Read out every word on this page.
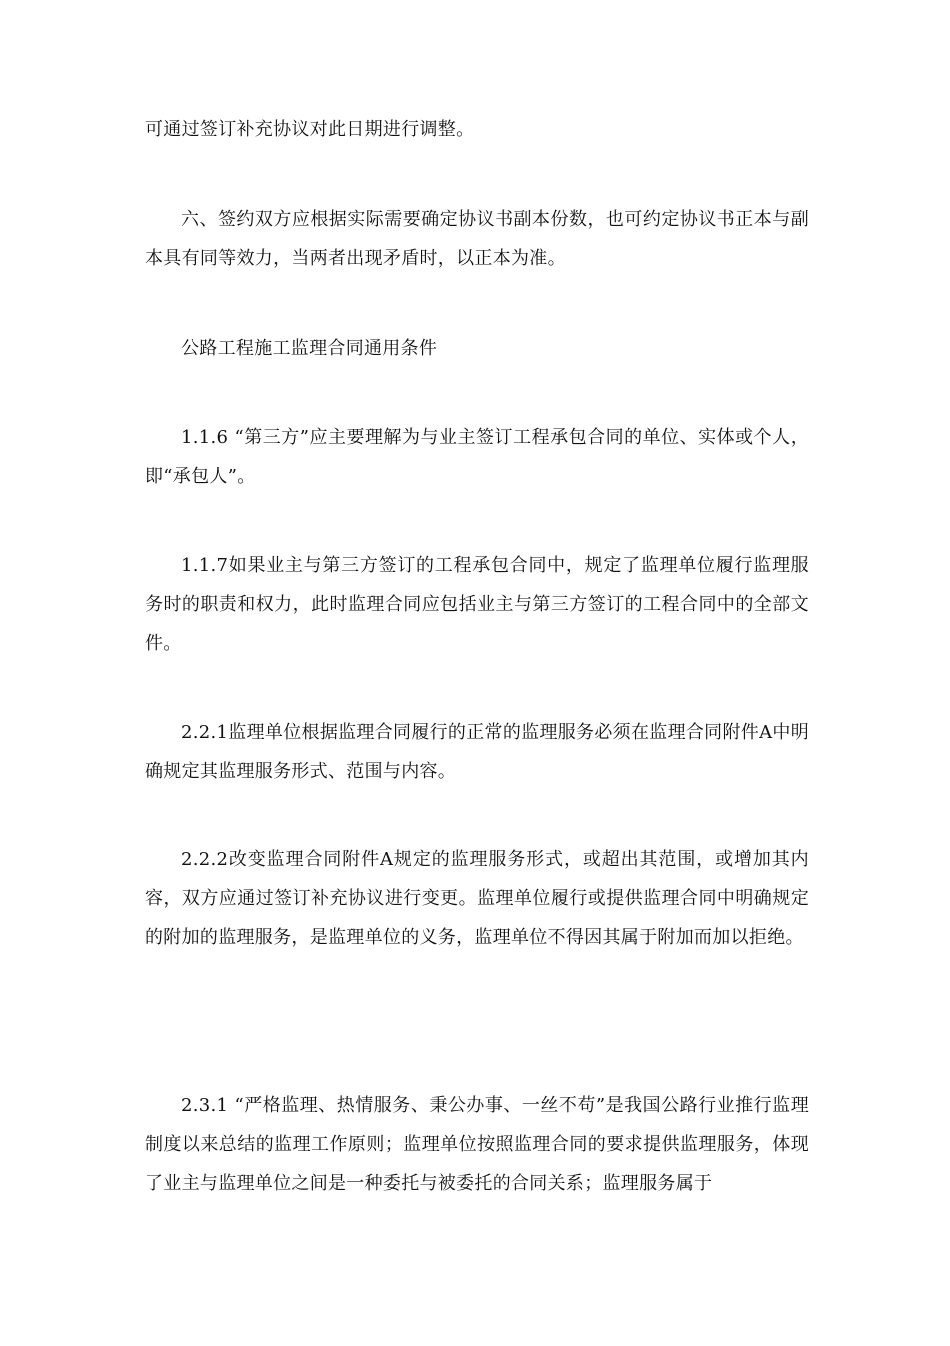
可通过签订补充协议对此日期进行调整。

六、签约双方应根据实际需要确定协议书副本份数，也可约定协议书正本与副本具有同等效力，当两者出现矛盾时，以正本为准。

公路工程施工监理合同通用条件

1.1.6 “第三方”应主要理解为与业主签订工程承包合同的单位、实体或个人，即“承包人”。

1.1.7如果业主与第三方签订的工程承包合同中，规定了监理单位履行监理服务时的职责和权力，此时监理合同应包括业主与第三方签订的工程合同中的全部文件。

2.2.1监理单位根据监理合同履行的正常的监理服务必须在监理合同附件A中明确规定其监理服务形式、范围与内容。

2.2.2改变监理合同附件A规定的监理服务形式，或超出其范围，或增加其内容，双方应通过签订补充协议进行变更。监理单位履行或提供监理合同中明确规定的附加的监理服务，是监理单位的义务，监理单位不得因其属于附加而加以拒绝。

2.3.1 “严格监理、热情服务、秉公办事、一丝不苟”是我国公路行业推行监理制度以来总结的监理工作原则；监理单位按照监理合同的要求提供监理服务，体现了业主与监理单位之间是一种委托与被委托的合同关系；监理服务属于
